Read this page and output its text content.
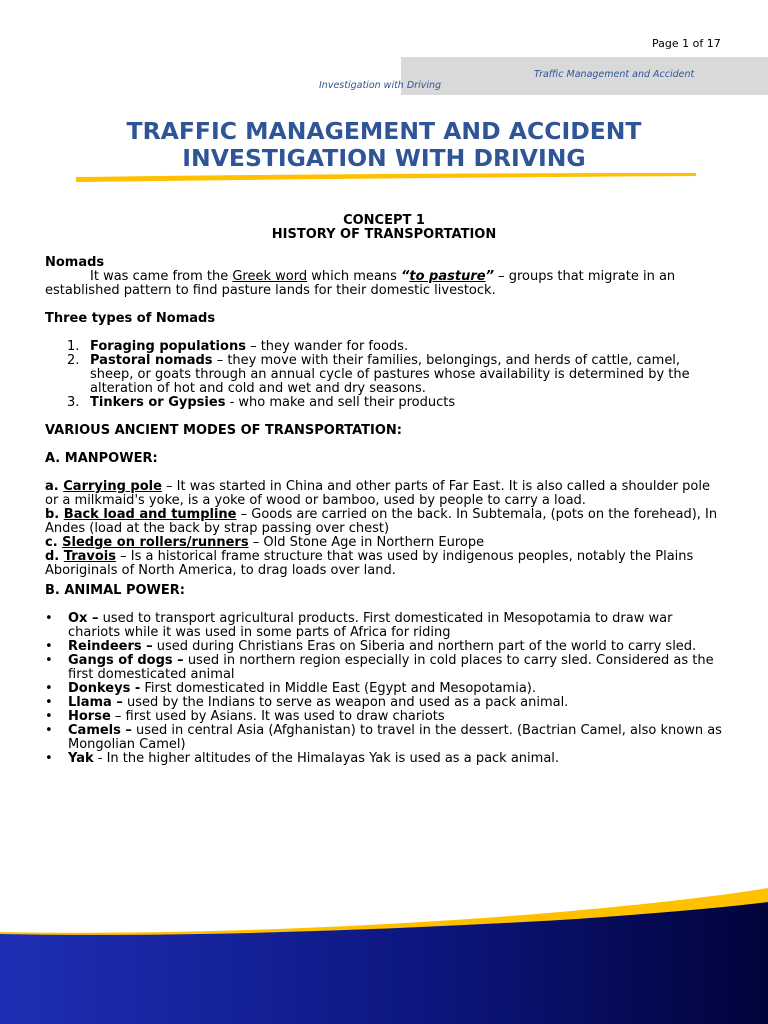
Page 1 of 17
Traffic Management and Accident
Investigation with Driving
TRAFFIC MANAGEMENT AND ACCIDENT
INVESTIGATION WITH DRIVING
CONCEPT 1
HISTORY OF TRANSPORTATION

Nomads

It was came from the Greek word which means “to pasture” – groups that migrate in an established pattern to find pasture lands for their domestic livestock.

Three types of Nomads

1. Foraging populations – they wander for foods.
2. Pastoral nomads – they move with their families, belongings, and herds of cattle, camel, sheep, or goats through an annual cycle of pastures whose availability is determined by the alteration of hot and cold and wet and dry seasons.
3. Tinkers or Gypsies - who make and sell their products

VARIOUS ANCIENT MODES OF TRANSPORTATION:

A. MANPOWER:

a. Carrying pole – It was started in China and other parts of Far East. It is also called a shoulder pole or a milkmaid's yoke, is a yoke of wood or bamboo, used by people to carry a load.

b. Back load and tumpline – Goods are carried on the back. In Subtemala, (pots on the forehead), In Andes (load at the back by strap passing over chest)

c. Sledge on rollers/runners – Old Stone Age in Northern Europe

d. Travois – Is a historical frame structure that was used by indigenous peoples, notably the Plains Aboriginals of North America, to drag loads over land.

B. ANIMAL POWER:

• Ox – used to transport agricultural products. First domesticated in Mesopotamia to draw war chariots while it was used in some parts of Africa for riding
• Reindeers – used during Christians Eras on Siberia and northern part of the world to carry sled.
• Gangs of dogs – used in northern region especially in cold places to carry sled. Considered as the first domesticated animal
• Donkeys - First domesticated in Middle East (Egypt and Mesopotamia).
• Llama – used by the Indians to serve as weapon and used as a pack animal.
• Horse – first used by Asians. It was used to draw chariots
• Camels – used in central Asia (Afghanistan) to travel in the dessert. (Bactrian Camel, also known as Mongolian Camel)
• Yak - In the higher altitudes of the Himalayas Yak is used as a pack animal.
